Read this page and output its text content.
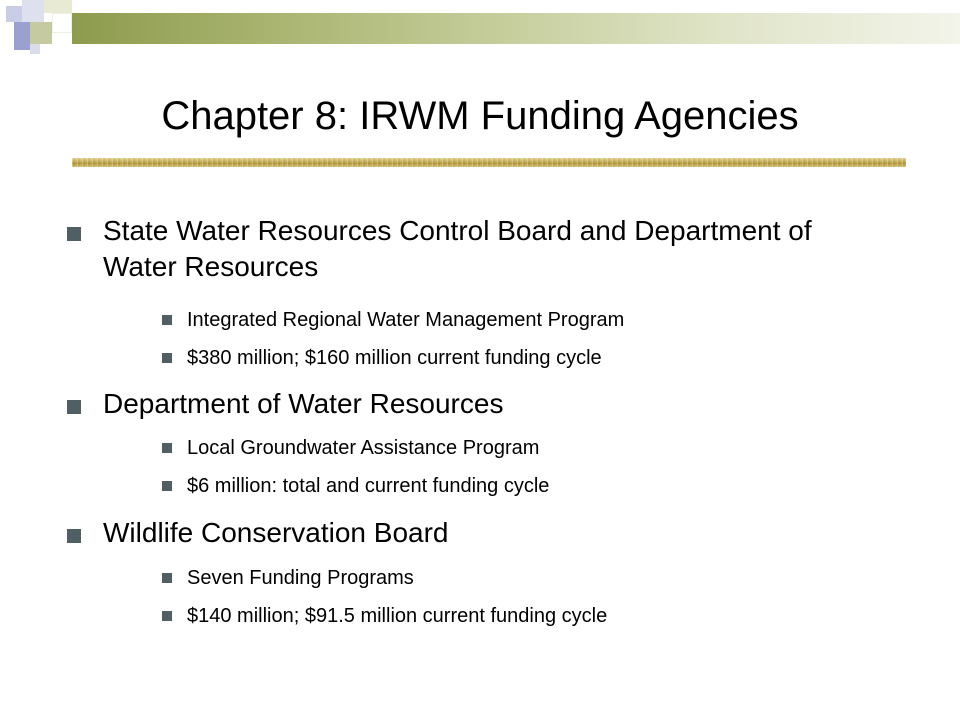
Chapter 8: IRWM Funding Agencies
State Water Resources Control Board and Department of Water Resources
Integrated Regional Water Management Program
$380 million; $160 million current funding cycle
Department of Water Resources
Local Groundwater Assistance Program
$6 million: total and current funding cycle
Wildlife Conservation Board
Seven Funding Programs
$140 million; $91.5 million current funding cycle
